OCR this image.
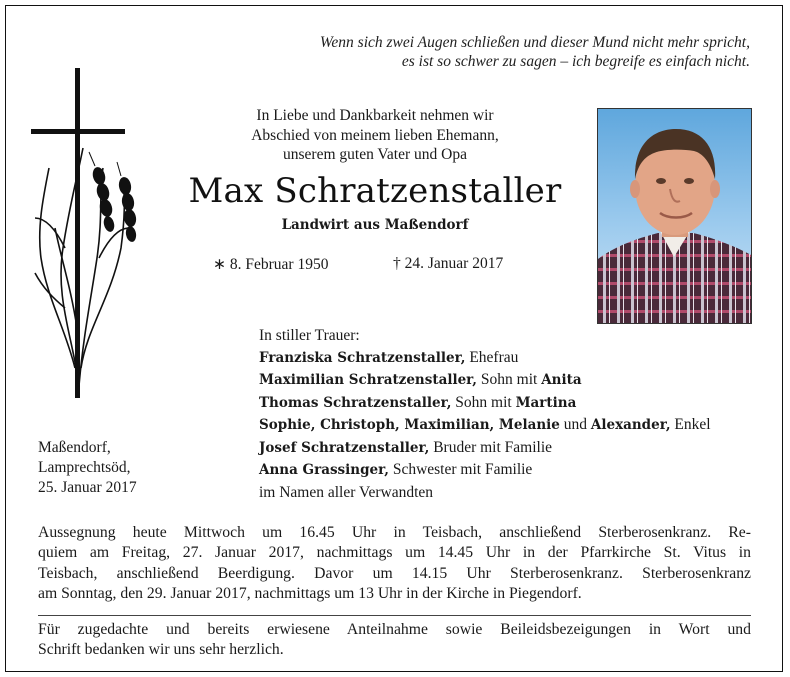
Wenn sich zwei Augen schließen und dieser Mund nicht mehr spricht,
es ist so schwer zu sagen – ich begreife es einfach nicht.
In Liebe und Dankbarkeit nehmen wir
Abschied von meinem lieben Ehemann,
unserem guten Vater und Opa
Max Schratzenstaller
Landwirt aus Maßendorf
∗ 8. Februar 1950	† 24. Januar 2017
In stiller Trauer:
Franziska Schratzenstaller, Ehefrau
Maximilian Schratzenstaller, Sohn mit Anita
Thomas Schratzenstaller, Sohn mit Martina
Sophie, Christoph, Maximilian, Melanie und Alexander, Enkel
Josef Schratzenstaller, Bruder mit Familie
Anna Grassinger, Schwester mit Familie
im Namen aller Verwandten
Maßendorf,
Lamprechtsöd,
25. Januar 2017
Aussegnung heute Mittwoch um 16.45 Uhr in Teisbach, anschließend Sterberosenkranz. Re-
quiem am Freitag, 27. Januar 2017, nachmittags um 14.45 Uhr in der Pfarrkirche St. Vitus in
Teisbach, anschließend Beerdigung. Davor um 14.15 Uhr Sterberosenkranz. Sterberosenkranz
am Sonntag, den 29. Januar 2017, nachmittags um 13 Uhr in der Kirche in Piegendorf.
Für zugedachte und bereits erwiesene Anteilnahme sowie Beileidsbezeigungen in Wort und
Schrift bedanken wir uns sehr herzlich.
